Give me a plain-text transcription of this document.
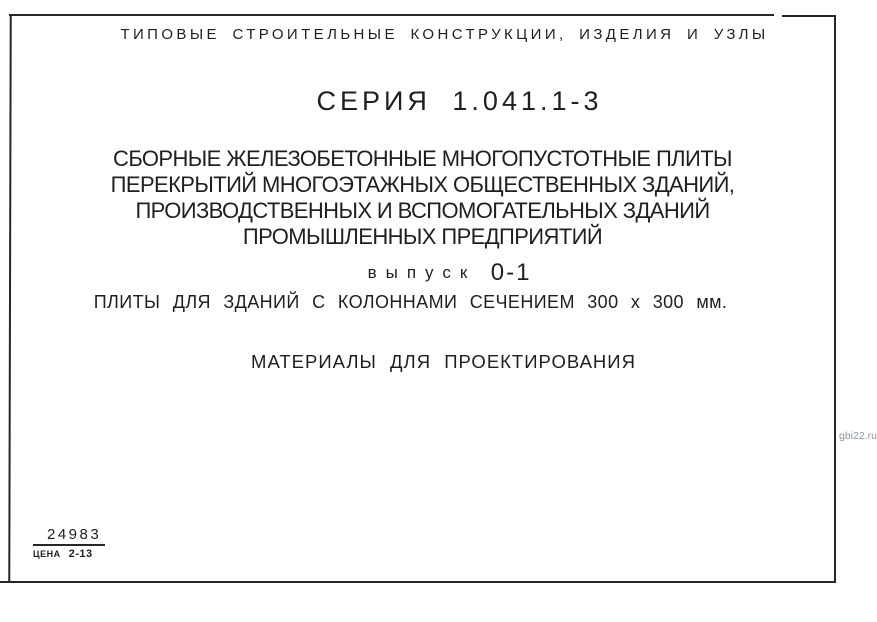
ТИПОВЫЕ СТРОИТЕЛЬНЫЕ КОНСТРУКЦИИ, ИЗДЕЛИЯ И УЗЛЫ
СЕРИЯ 1.041.1-3
СБОРНЫЕ ЖЕЛЕЗОБЕТОННЫЕ МНОГОПУСТОТНЫЕ ПЛИТЫ
ПЕРЕКРЫТИЙ МНОГОЭТАЖНЫХ ОБЩЕСТВЕННЫХ ЗДАНИЙ,
ПРОИЗВОДСТВЕННЫХ И ВСПОМОГАТЕЛЬНЫХ ЗДАНИЙ
ПРОМЫШЛЕННЫХ ПРЕДПРИЯТИЙ
выпуск 0-1
ПЛИТЫ ДЛЯ ЗДАНИЙ С КОЛОННАМИ СЕЧЕНИЕМ 300 х 300 мм.
МАТЕРИАЛЫ ДЛЯ ПРОЕКТИРОВАНИЯ
24983
ЦЕНА 2-13
gbi22.ru
